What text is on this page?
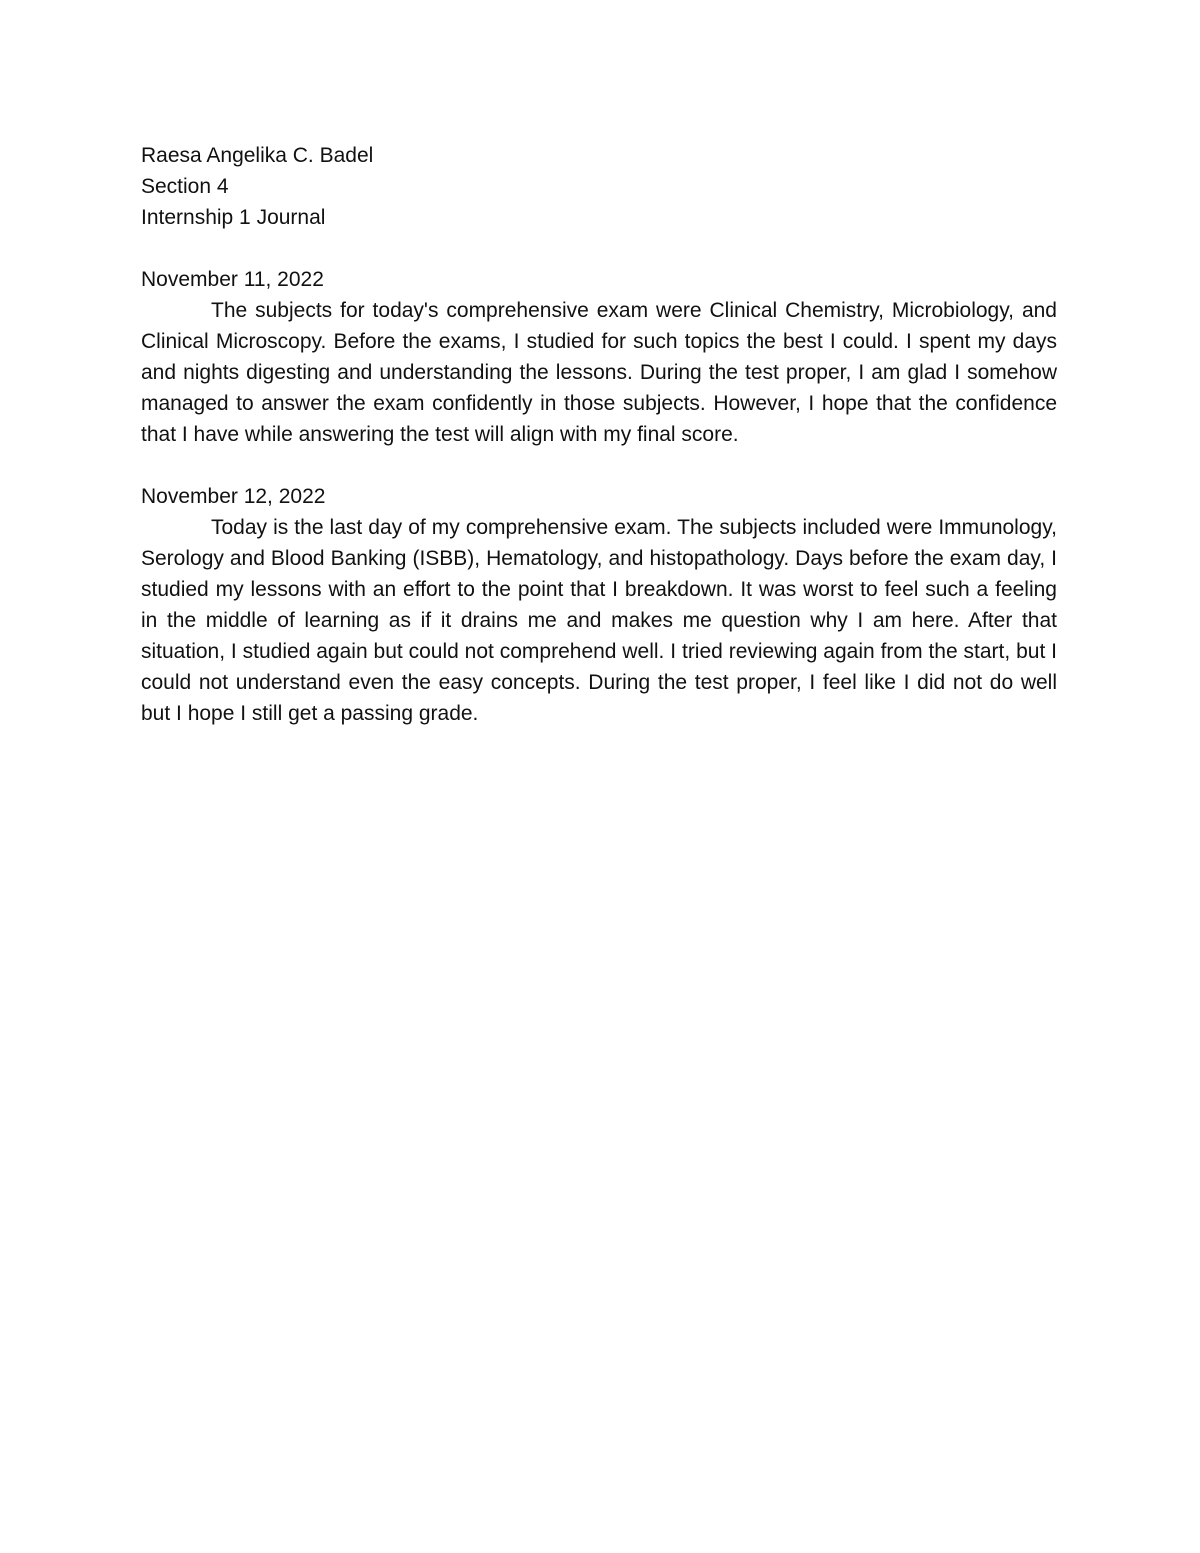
Raesa Angelika C. Badel

Section 4

Internship 1 Journal

November 11, 2022

The subjects for today's comprehensive exam were Clinical Chemistry, Microbiology, and Clinical Microscopy. Before the exams, I studied for such topics the best I could. I spent my days and nights digesting and understanding the lessons. During the test proper, I am glad I somehow managed to answer the exam confidently in those subjects. However, I hope that the confidence that I have while answering the test will align with my final score.

November 12, 2022

Today is the last day of my comprehensive exam. The subjects included were Immunology, Serology and Blood Banking (ISBB), Hematology, and histopathology. Days before the exam day, I studied my lessons with an effort to the point that I breakdown. It was worst to feel such a feeling in the middle of learning as if it drains me and makes me question why I am here. After that situation, I studied again but could not comprehend well. I tried reviewing again from the start, but I could not understand even the easy concepts. During the test proper, I feel like I did not do well but I hope I still get a passing grade.
